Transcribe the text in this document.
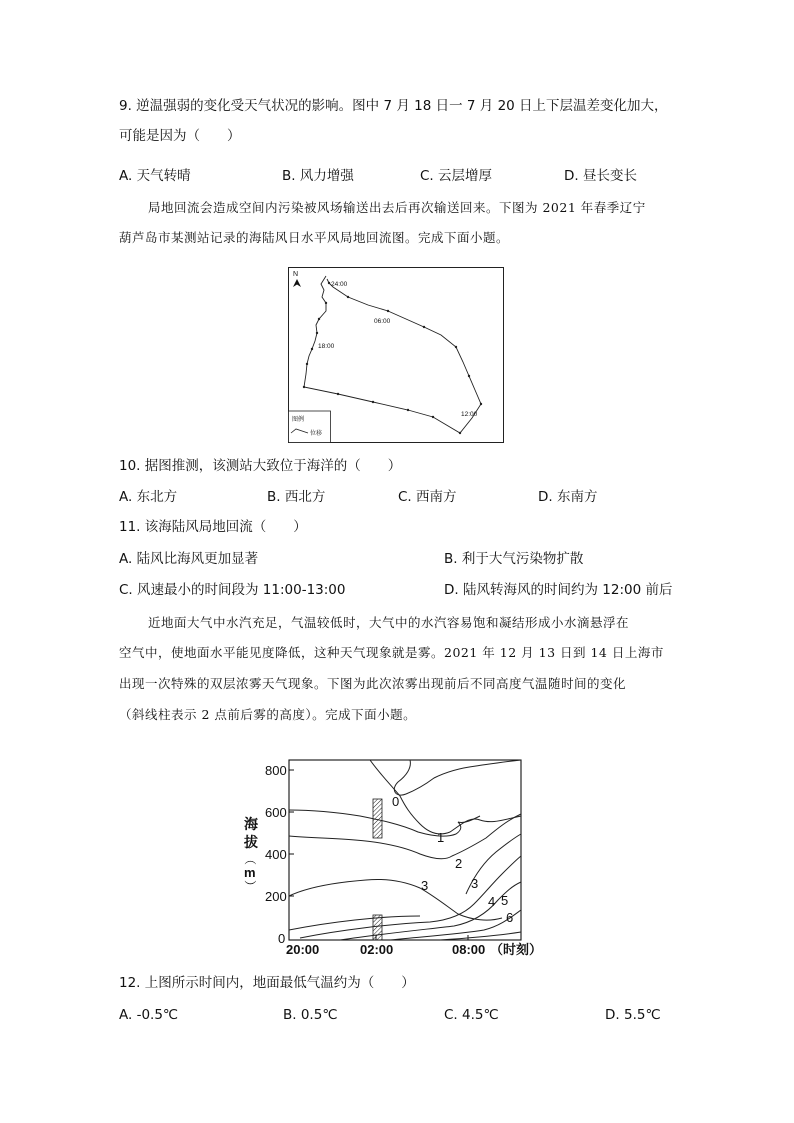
9. 逆温强弱的变化受天气状况的影响。图中 7 月 18 日一 7 月 20 日上下层温差变化加大，
可能是因为（　　）
A. 天气转晴	B. 风力增强	C. 云层增厚	D. 昼长变长
局地回流会造成空间内污染被风场输送出去后再次输送回来。下图为 2021 年春季辽宁
葫芦岛市某测站记录的海陆风日水平风局地回流图。完成下面小题。
N
24:00
06:00
18:00
12:00
图例
位移
10. 据图推测，该测站大致位于海洋的（　　）
A. 东北方	B. 西北方	C. 西南方	D. 东南方
11. 该海陆风局地回流（　　）
A. 陆风比海风更加显著	B. 利于大气污染物扩散
C. 风速最小的时间段为 11:00-13:00	D. 陆风转海风的时间约为 12:00 前后
近地面大气中水汽充足，气温较低时，大气中的水汽容易饱和凝结形成小水滴悬浮在
空气中，使地面水平能见度降低，这种天气现象就是雾。2021 年 12 月 13 日到 14 日上海市
出现一次特殊的双层浓雾天气现象。下图为此次浓雾出现前后不同高度气温随时间的变化
（斜线柱表示 2 点前后雾的高度）。完成下面小题。
800
600
400
200
0
海
拔
（
m
）
20:00	02:00	08:00 （时刻）
0
1
2
3	3
4 5
6
12. 上图所示时间内，地面最低气温约为（　　）
A. -0.5℃	B. 0.5℃	C. 4.5℃	D. 5.5℃
